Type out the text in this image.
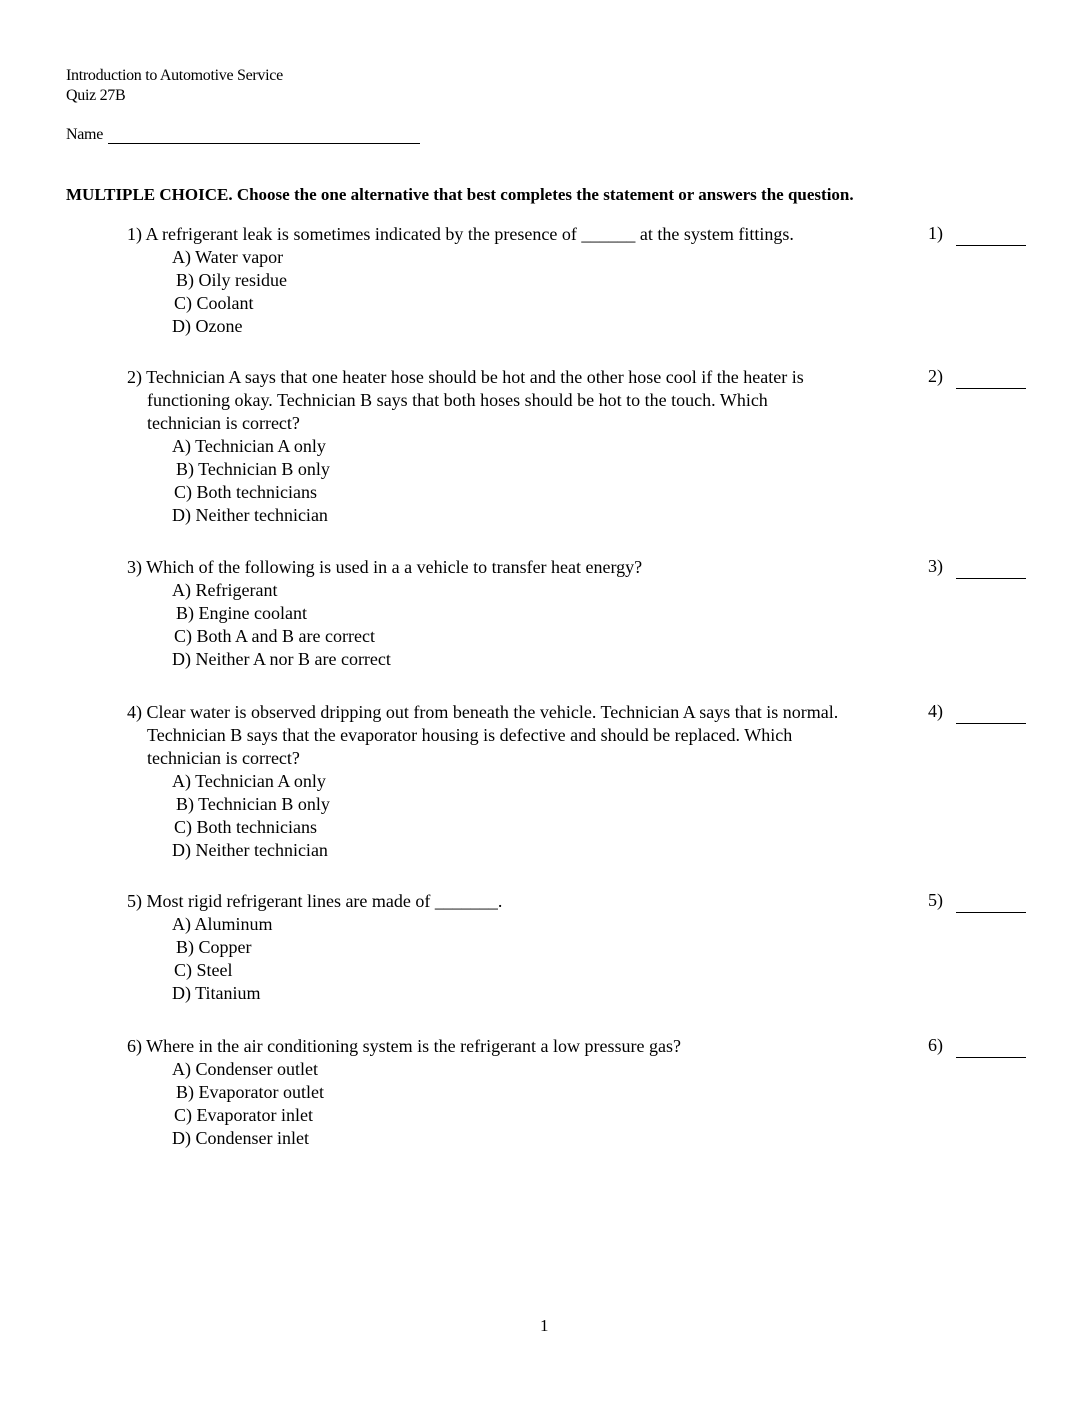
Introduction to Automotive Service
Quiz 27B
Name
MULTIPLE CHOICE. Choose the one alternative that best completes the statement or answers the question.
1) A refrigerant leak is sometimes indicated by the presence of ______ at the system fittings.
A) Water vapor
B) Oily residue
C) Coolant
D) Ozone
1)
2) Technician A says that one heater hose should be hot and the other hose cool if the heater is
functioning okay. Technician B says that both hoses should be hot to the touch. Which
technician is correct?
A) Technician A only
B) Technician B only
C) Both technicians
D) Neither technician
2)
3) Which of the following is used in a a vehicle to transfer heat energy?
A) Refrigerant
B) Engine coolant
C) Both A and B are correct
D) Neither A nor B are correct
3)
4) Clear water is observed dripping out from beneath the vehicle. Technician A says that is normal.
Technician B says that the evaporator housing is defective and should be replaced. Which
technician is correct?
A) Technician A only
B) Technician B only
C) Both technicians
D) Neither technician
4)
5) Most rigid refrigerant lines are made of _______.
A) Aluminum
B) Copper
C) Steel
D) Titanium
5)
6) Where in the air conditioning system is the refrigerant a low pressure gas?
A) Condenser outlet
B) Evaporator outlet
C) Evaporator inlet
D) Condenser inlet
6)
1
